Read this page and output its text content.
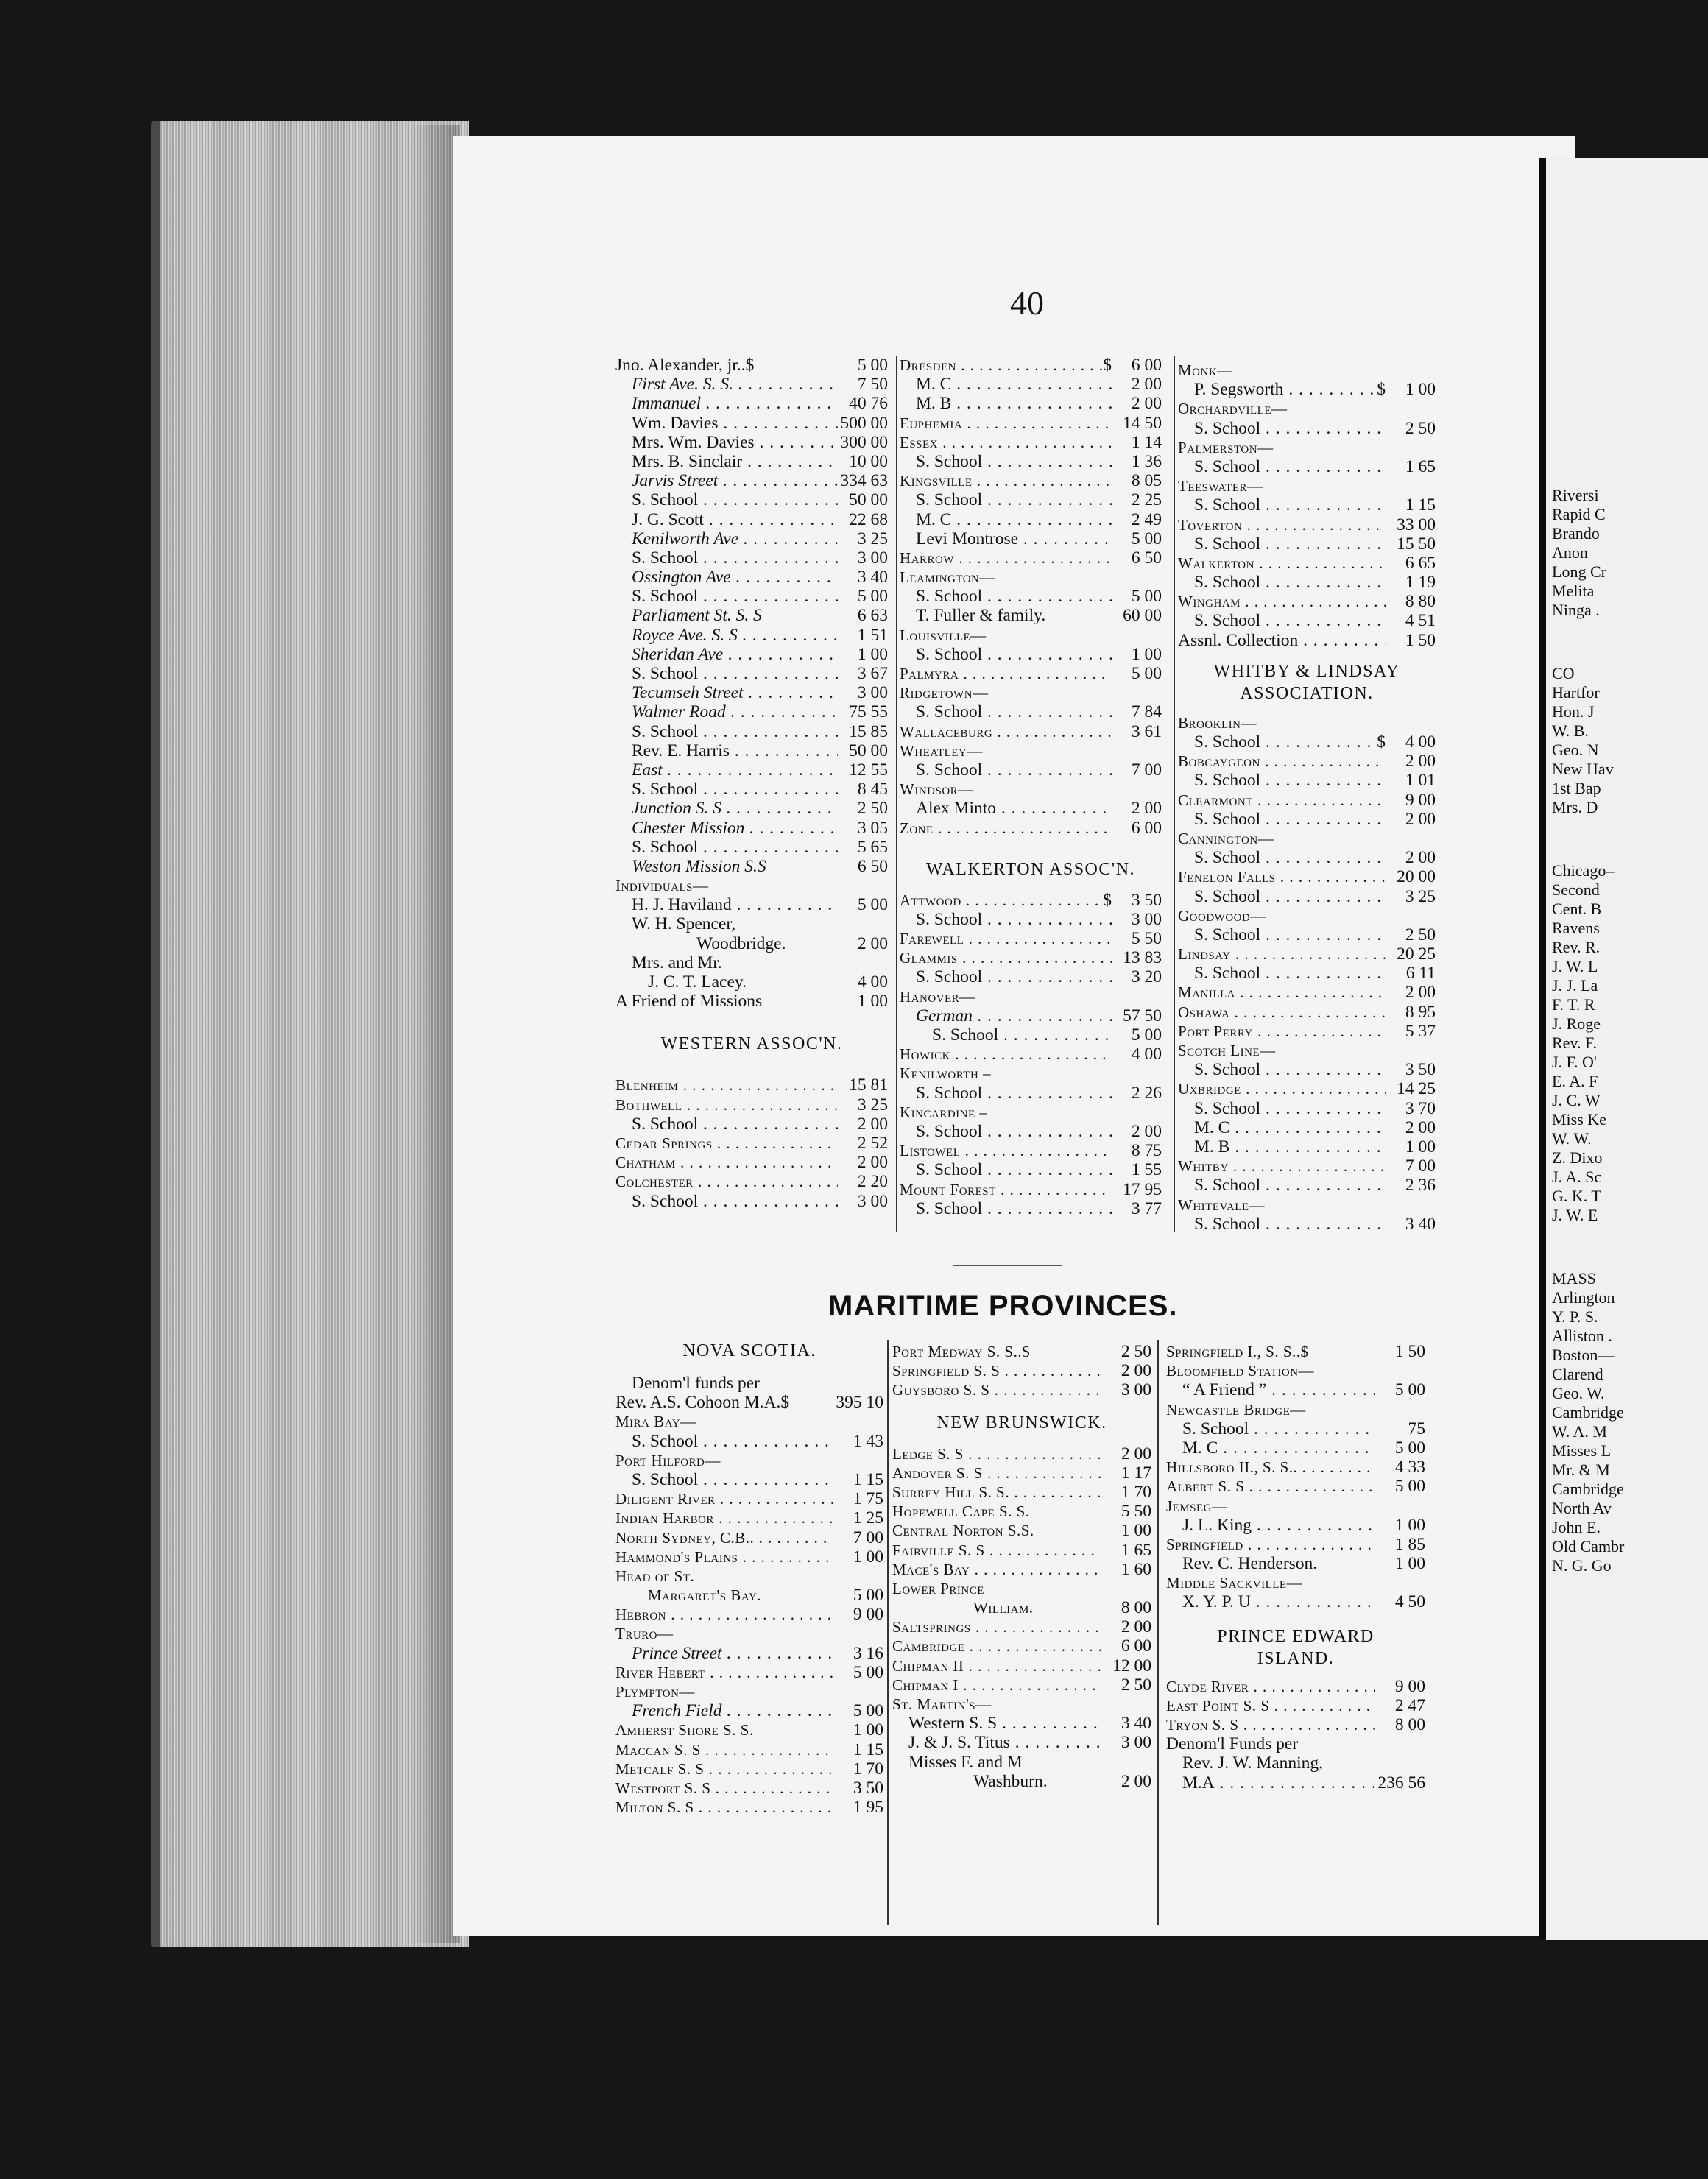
40
Jno. Alexander, jr..$	5 00
First Ave. S. S. . . .	7 50
Immanuel . . .	40 76
Wm. Davies . . .	500 00
Mrs. Wm. Davies . . .	300 00
Mrs. B. Sinclair . . .	10 00
Jarvis Street . . .	334 63
S. School . . .	50 00
J. G. Scott . . .	22 68
Kenilworth Ave . . .	3 25
S. School . . .	3 00
Ossington Ave . . .	3 40
S. School . . .	5 00
Parliament St. S. S	6 63
Royce Ave. S. S . . .	1 51
Sheridan Ave . . .	1 00
S. School . . .	3 67
Tecumseh Street . . .	3 00
Walmer Road . . .	75 55
S. School . . .	15 85
Rev. E. Harris . . .	50 00
East . . .	12 55
S. School . . .	8 45
Junction S. S . . .	2 50
Chester Mission . . .	3 05
S. School . . .	5 65
Weston Mission S.S	6 50
Individuals—
H. J. Haviland . . .	5 00
W. H. Spencer,
Woodbridge.	2 00
Mrs. and Mr.
J. C. T. Lacey.	4 00
A Friend of Missions	1 00
WESTERN ASSOC'N.
Blenheim . . .	15 81
Bothwell . . .	3 25
S. School . . .	2 00
Cedar Springs . . .	2 52
Chatham . . .	2 00
Colchester . . .	2 20
S. School . . .	3 00
Dresden . . .	$	6 00
M. C . . .	2 00
M. B . . .	2 00
Euphemia . . .	14 50
Essex . . .	1 14
S. School . . .	1 36
Kingsville . . .	8 05
S. School . . .	2 25
M. C . . .	2 49
Levi Montrose . . .	5 00
Harrow . . .	6 50
Leamington—
S. School . . .	5 00
T. Fuller & family.	60 00
Louisville—
S. School . . .	1 00
Palmyra . . .	5 00
Ridgetown—
S. School . . .	7 84
Wallaceburg . . .	3 61
Wheatley—
S. School . . .	7 00
Windsor—
Alex Minto . . .	2 00
Zone . . .	6 00
WALKERTON ASSOC'N.
Attwood . . .	$	3 50
S. School . . .	3 00
Farewell . . .	5 50
Glammis . . .	13 83
S. School . . .	3 20
Hanover—
German . . .	57 50
S. School . . .	5 00
Howick . . .	4 00
Kenilworth –
S. School . . .	2 26
Kincardine –
S. School . . .	2 00
Listowel . . .	8 75
S. School . . .	1 55
Mount Forest . . .	17 95
S. School . . .	3 77
Monk—
P. Segsworth . . .	$	1 00
Orchardville—
S. School . . .	2 50
Palmerston—
S. School . . .	1 65
Teeswater—
S. School . . .	1 15
Toverton . . .	33 00
S. School . . .	15 50
Walkerton . . .	6 65
S. School . . .	1 19
Wingham . . .	8 80
S. School . . .	4 51
Assnl. Collection . . .	1 50
WHITBY & LINDSAY
ASSOCIATION.
Brooklin—
S. School . . .	$	4 00
Bobcaygeon . . .	2 00
S. School . . .	1 01
Clearmont . . .	9 00
S. School . . .	2 00
Cannington—
S. School . . .	2 00
Fenelon Falls . . .	20 00
S. School . . .	3 25
Goodwood—
S. School . . .	2 50
Lindsay . . .	20 25
S. School . . .	6 11
Manilla . . .	2 00
Oshawa . . .	8 95
Port Perry . . .	5 37
Scotch Line—
S. School . . .	3 50
Uxbridge . . .	14 25
S. School . . .	3 70
M. C . . .	2 00
M. B . . .	1 00
Whitby . . .	7 00
S. School . . .	2 36
Whitevale—
S. School . . .	3 40
MARITIME PROVINCES.
NOVA SCOTIA.
Denom'l funds per
Rev. A.S. Cohoon M.A.$	395 10
Mira Bay—
S. School . . .	1 43
Port Hilford—
S. School . . .	1 15
Diligent River . . .	1 75
Indian Harbor . . .	1 25
North Sydney, C.B.. . . .	7 00
Hammond's Plains . . .	1 00
Head of St.
Margaret's Bay.	5 00
Hebron . . .	9 00
Truro—
Prince Street . . .	3 16
River Hebert . . .	5 00
Plympton—
French Field . . .	5 00
Amherst Shore S. S.	1 00
Maccan S. S . . .	1 15
Metcalf S. S . . .	1 70
Westport S. S . . .	3 50
Milton S. S . . .	1 95
Port Medway S. S..$	2 50
Springfield S. S . . .	2 00
Guysboro S. S . . .	3 00
NEW BRUNSWICK.
Ledge S. S . . .	2 00
Andover S. S . . .	1 17
Surrey Hill S. S. . . .	1 70
Hopewell Cape S. S.	5 50
Central Norton S.S.	1 00
Fairville S. S . . .	1 65
Mace's Bay . . .	1 60
Lower Prince
William.	8 00
Saltsprings . . .	2 00
Cambridge . . .	6 00
Chipman II . . .	12 00
Chipman I . . .	2 50
St. Martin's—
Western S. S . . .	3 40
J. & J. S. Titus . . .	3 00
Misses F. and M
Washburn.	2 00
Springfield I., S. S..$	1 50
Bloomfield Station—
“ A Friend ” . . .	5 00
Newcastle Bridge—
S. School . . .	75
M. C . . .	5 00
Hillsboro II., S. S.. . . .	4 33
Albert S. S . . .	5 00
Jemseg—
J. L. King . . .	1 00
Springfield . . .	1 85
Rev. C. Henderson.	1 00
Middle Sackville—
X. Y. P. U . . .	4 50
PRINCE EDWARD
ISLAND.
Clyde River . . .	9 00
East Point S. S . . .	2 47
Tryon S. S . . .	8 00
Denom'l Funds per
Rev. J. W. Manning,
M.A . . .	236 56
Riversi
Rapid C
Brando
Anon
Long Cr
Melita
Ninga .
CO
Hartfor
Hon. J
W. B.
Geo. N
New Hav
1st Bap
Mrs. D
Chicago–
Second
Cent. B
Ravens
Rev. R.
J. W. L
J. J. La
F. T. R
J. Roge
Rev. F.
J. F. O'
E. A. F
J. C. W
Miss Ke
W. W.
Z. Dixo
J. A. Sc
G. K. T
J. W. E
MASS
Arlington
Y. P. S.
Alliston .
Boston—
Clarend
Geo. W.
Cambridge
W. A. M
Misses L
Mr. & M
Cambridge
North Av
John E.
Old Cambr
N. G. Go
